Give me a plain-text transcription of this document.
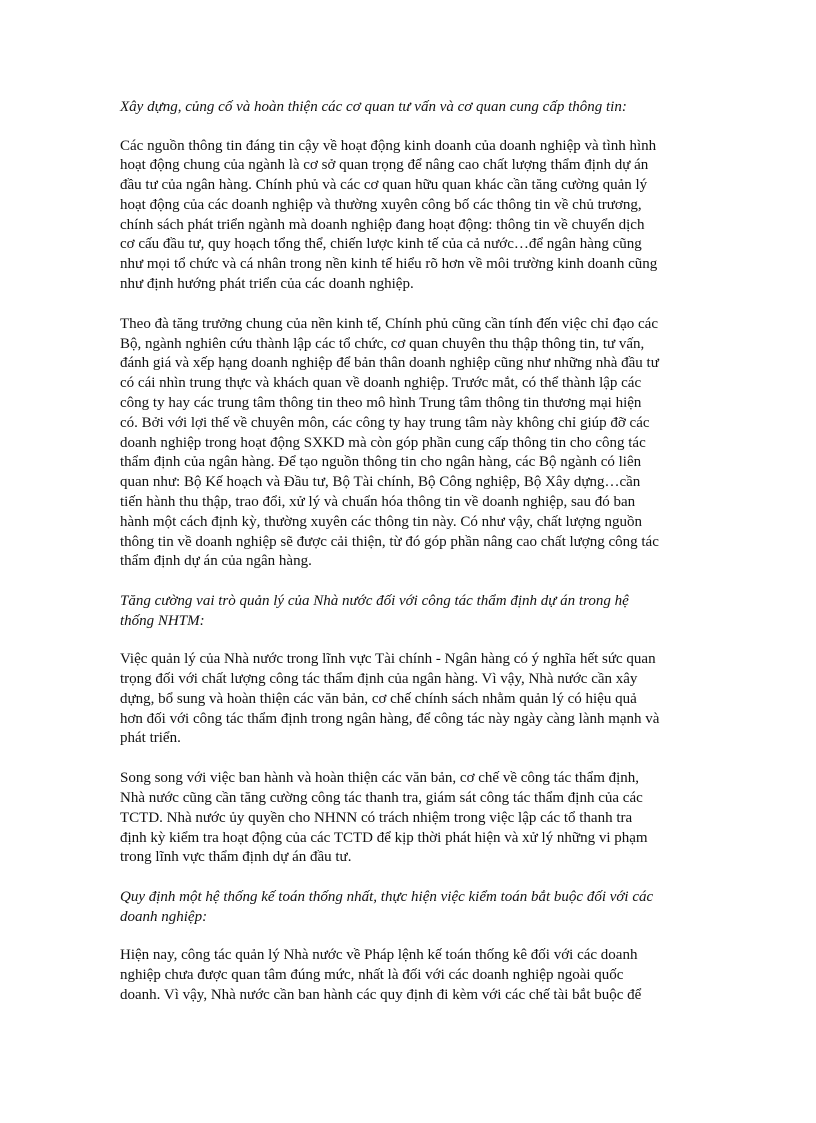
Xây dựng, củng cố và hoàn thiện các cơ quan tư vấn và cơ quan cung cấp thông tin:
Các nguồn thông tin đáng tin cậy về hoạt động kinh doanh của doanh nghiệp và tình hình
hoạt động chung của ngành là cơ sở quan trọng để nâng cao chất lượng thẩm định dự án
đầu tư của ngân hàng. Chính phủ và các cơ quan hữu quan khác cần tăng cường quản lý
hoạt động của các doanh nghiệp và thường xuyên công bố các thông tin về chủ trương,
chính sách phát triển ngành mà doanh nghiệp đang hoạt động: thông tin về chuyển dịch
cơ cấu đầu tư, quy hoạch tổng thể, chiến lược kinh tế của cả nước…để ngân hàng cũng
như mọi tổ chức và cá nhân trong nền kinh tế hiểu rõ hơn về môi trường kinh doanh cũng
như định hướng phát triển của các doanh nghiệp.
Theo đà tăng trưởng chung của nền kinh tế, Chính phủ cũng cần tính đến việc chỉ đạo các
Bộ, ngành nghiên cứu thành lập các tổ chức, cơ quan chuyên thu thập thông tin, tư vấn,
đánh giá và xếp hạng doanh nghiệp để bản thân doanh nghiệp cũng như những nhà đầu tư
có cái nhìn trung thực và khách quan về doanh nghiệp. Trước mắt, có thể thành lập các
công ty hay các trung tâm thông tin theo mô hình Trung tâm thông tin thương mại hiện
có. Bởi với lợi thế về chuyên môn, các công ty hay trung tâm này không chỉ giúp đỡ các
doanh nghiệp trong hoạt động SXKD mà còn góp phần cung cấp thông tin cho công tác
thẩm định của ngân hàng. Để tạo nguồn thông tin cho ngân hàng, các Bộ ngành có liên
quan như: Bộ Kế hoạch và Đầu tư, Bộ Tài chính, Bộ Công nghiệp, Bộ Xây dựng…cần
tiến hành thu thập, trao đổi, xử lý và chuẩn hóa thông tin về doanh nghiệp, sau đó ban
hành một cách định kỳ, thường xuyên các thông tin này. Có như vậy, chất lượng nguồn
thông tin về doanh nghiệp sẽ được cải thiện, từ đó góp phần nâng cao chất lượng công tác
thẩm định dự án của ngân hàng.
Tăng cường vai trò quản lý của Nhà nước đối với công tác thẩm định dự án trong hệ
thống NHTM:
Việc quản lý của Nhà nước trong lĩnh vực Tài chính - Ngân hàng có ý nghĩa hết sức quan
trọng đối với chất lượng công tác thẩm định của ngân hàng. Vì vậy, Nhà nước cần xây
dựng, bổ sung và hoàn thiện các văn bản, cơ chế chính sách nhằm quản lý có hiệu quả
hơn đối với công tác thẩm định trong ngân hàng, để công tác này ngày càng lành mạnh và
phát triển.
Song song với việc ban hành và hoàn thiện các văn bản, cơ chế về công tác thẩm định,
Nhà nước cũng cần tăng cường công tác thanh tra, giám sát công tác thẩm định của các
TCTD. Nhà nước ủy quyền cho NHNN có trách nhiệm trong việc lập các tổ thanh tra
định kỳ kiểm tra hoạt động của các TCTD để kịp thời phát hiện và xử lý những vi phạm
trong lĩnh vực thẩm định dự án đầu tư.
Quy định một hệ thống kế toán thống nhất, thực hiện việc kiểm toán bắt buộc đối với các
doanh nghiệp:
Hiện nay, công tác quản lý Nhà nước về Pháp lệnh kế toán thống kê đối với các doanh
nghiệp chưa được quan tâm đúng mức, nhất là đối với các doanh nghiệp ngoài quốc
doanh. Vì vậy, Nhà nước cần ban hành các quy định đi kèm với các chế tài bắt buộc để
